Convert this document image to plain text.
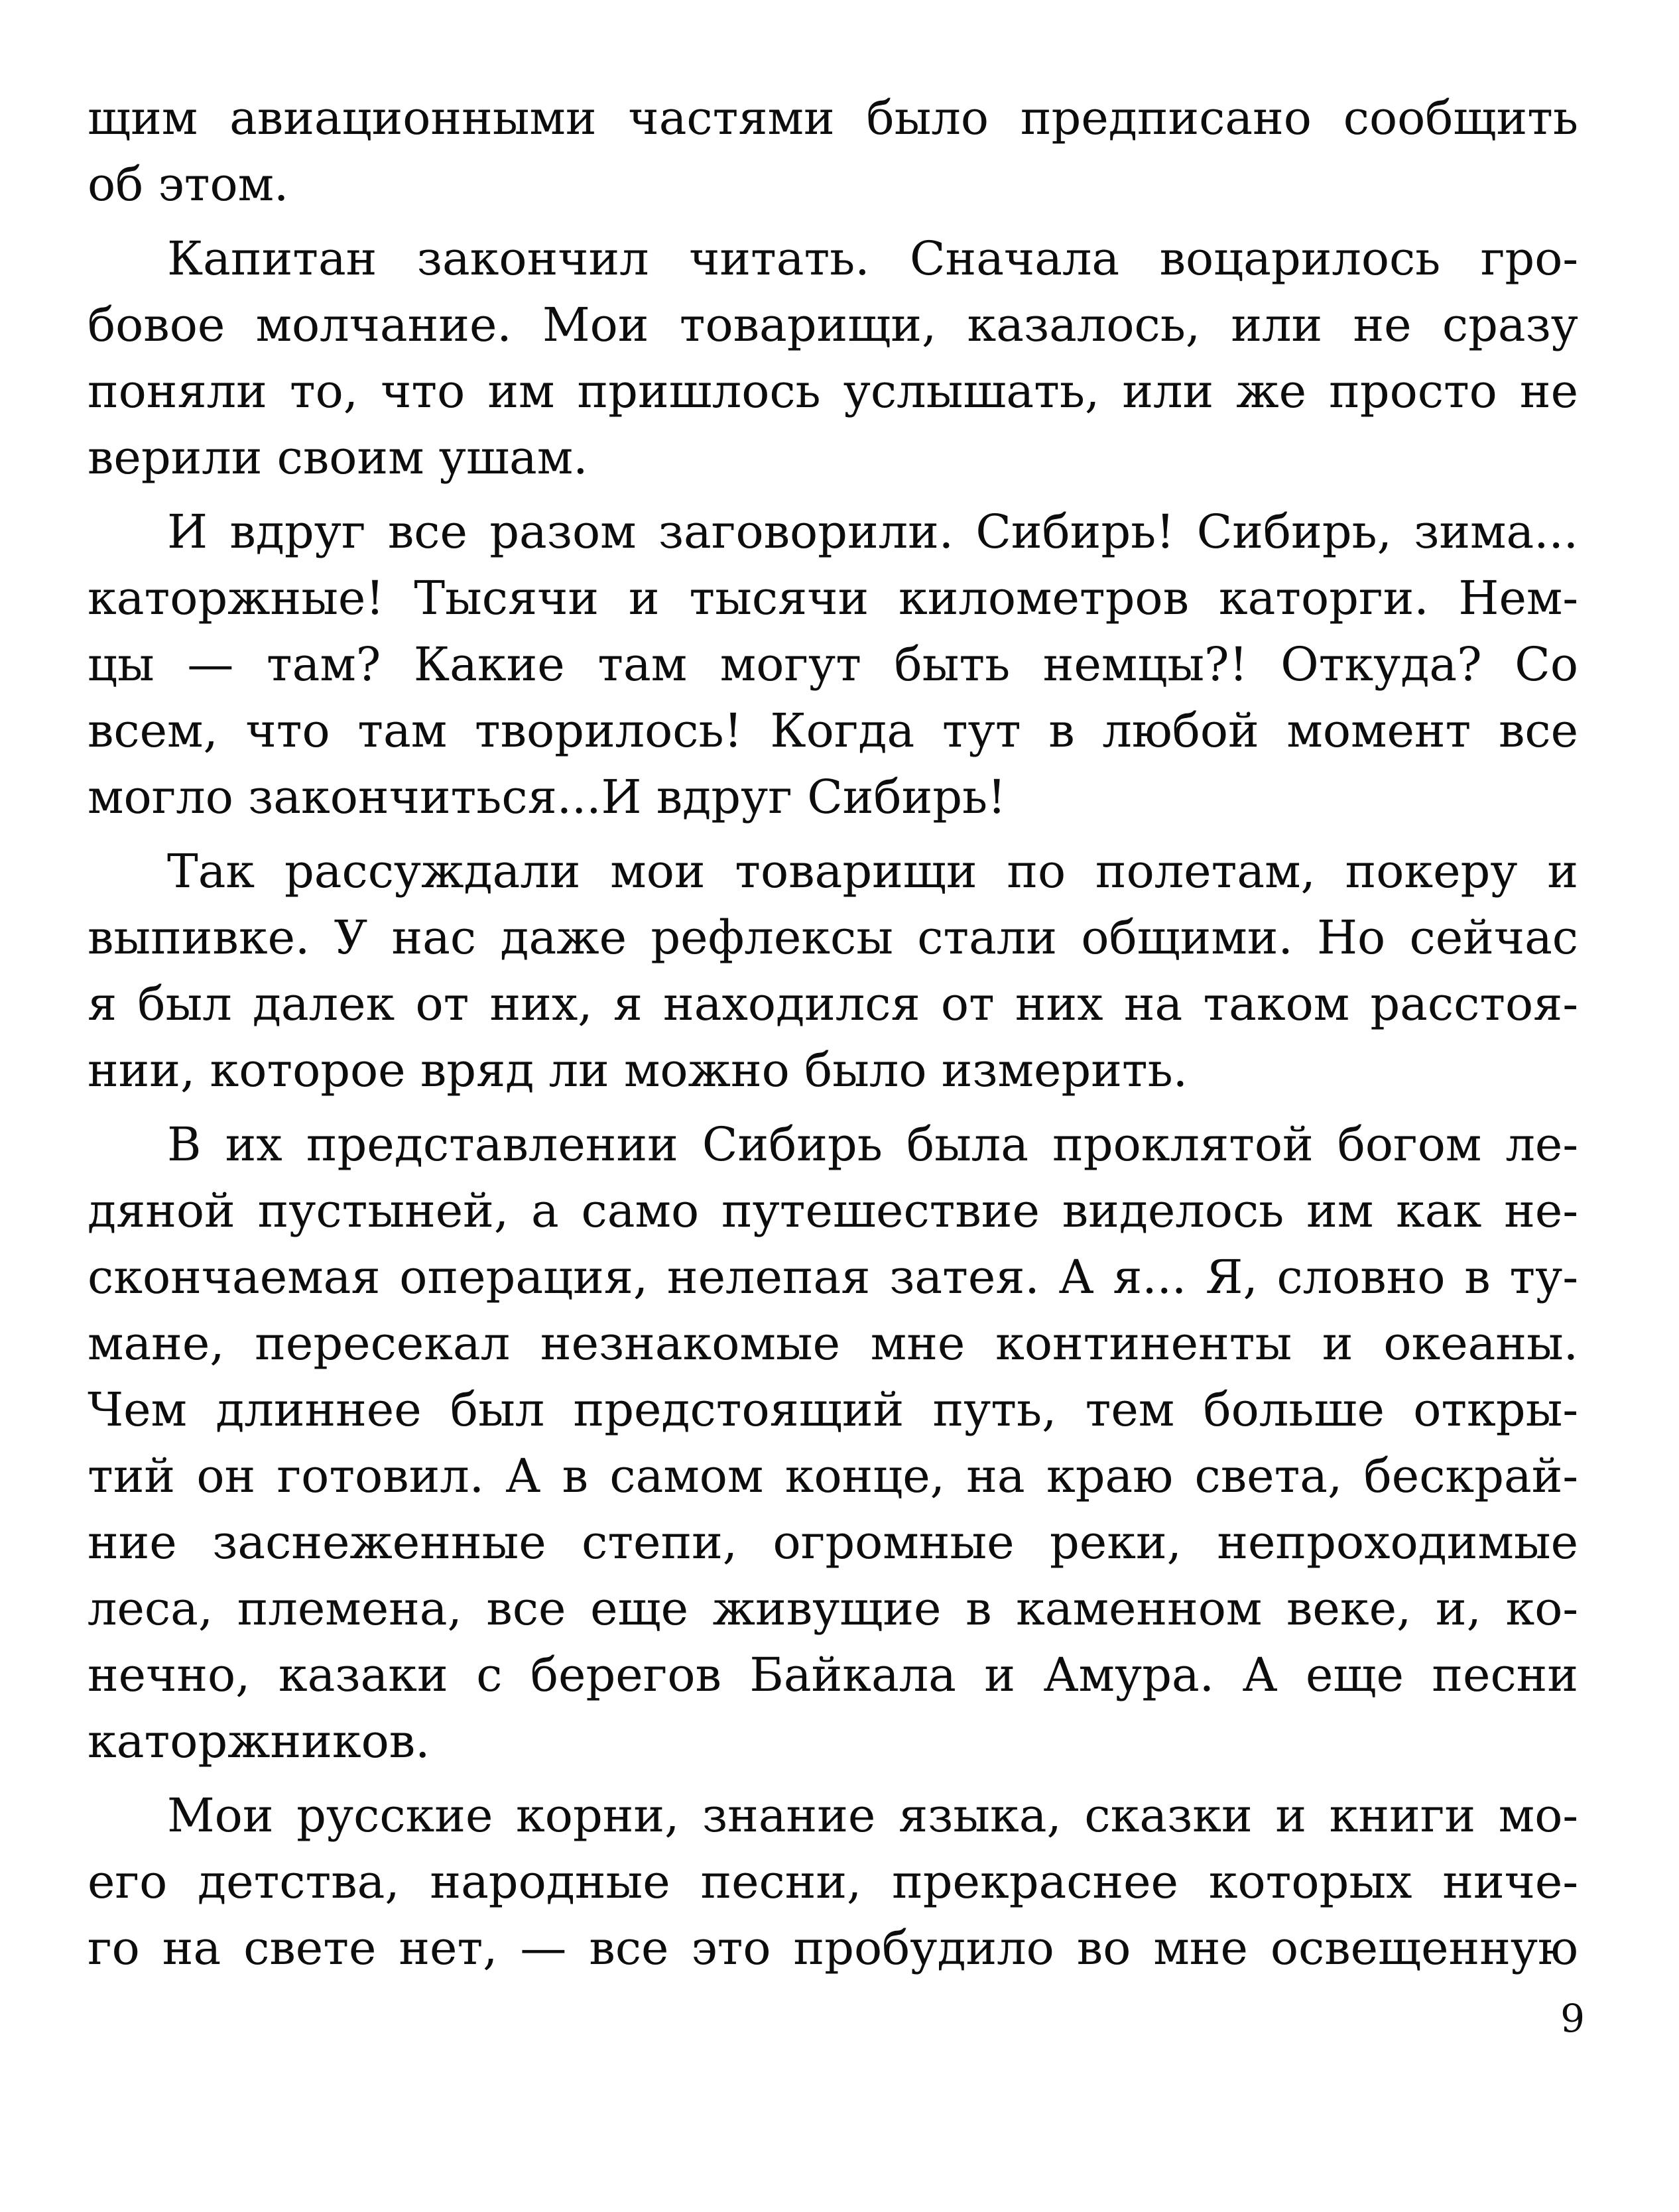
щим авиационными частями было предписано сообщить
об этом.
Капитан закончил читать. Сначала воцарилось гро-
бовое молчание. Мои товарищи, казалось, или не сразу
поняли то, что им пришлось услышать, или же просто не
верили своим ушам.
И вдруг все разом заговорили. Сибирь! Сибирь, зима...
каторжные! Тысячи и тысячи километров каторги. Нем-
цы — там? Какие там могут быть немцы?! Откуда? Со
всем, что там творилось! Когда тут в любой момент все
могло закончиться...И вдруг Сибирь!
Так рассуждали мои товарищи по полетам, покеру и
выпивке. У нас даже рефлексы стали общими. Но сейчас
я был далек от них, я находился от них на таком расстоя-
нии, которое вряд ли можно было измерить.
В их представлении Сибирь была проклятой богом ле-
дяной пустыней, а само путешествие виделось им как не-
скончаемая операция, нелепая затея. А я... Я, словно в ту-
мане, пересекал незнакомые мне континенты и океаны.
Чем длиннее был предстоящий путь, тем больше откры-
тий он готовил. А в самом конце, на краю света, бескрай-
ние заснеженные степи, огромные реки, непроходимые
леса, племена, все еще живущие в каменном веке, и, ко-
нечно, казаки с берегов Байкала и Амура. А еще песни
каторжников.
Мои русские корни, знание языка, сказки и книги мо-
его детства, народные песни, прекраснее которых ниче-
го на свете нет, — все это пробудило во мне освещенную
9
